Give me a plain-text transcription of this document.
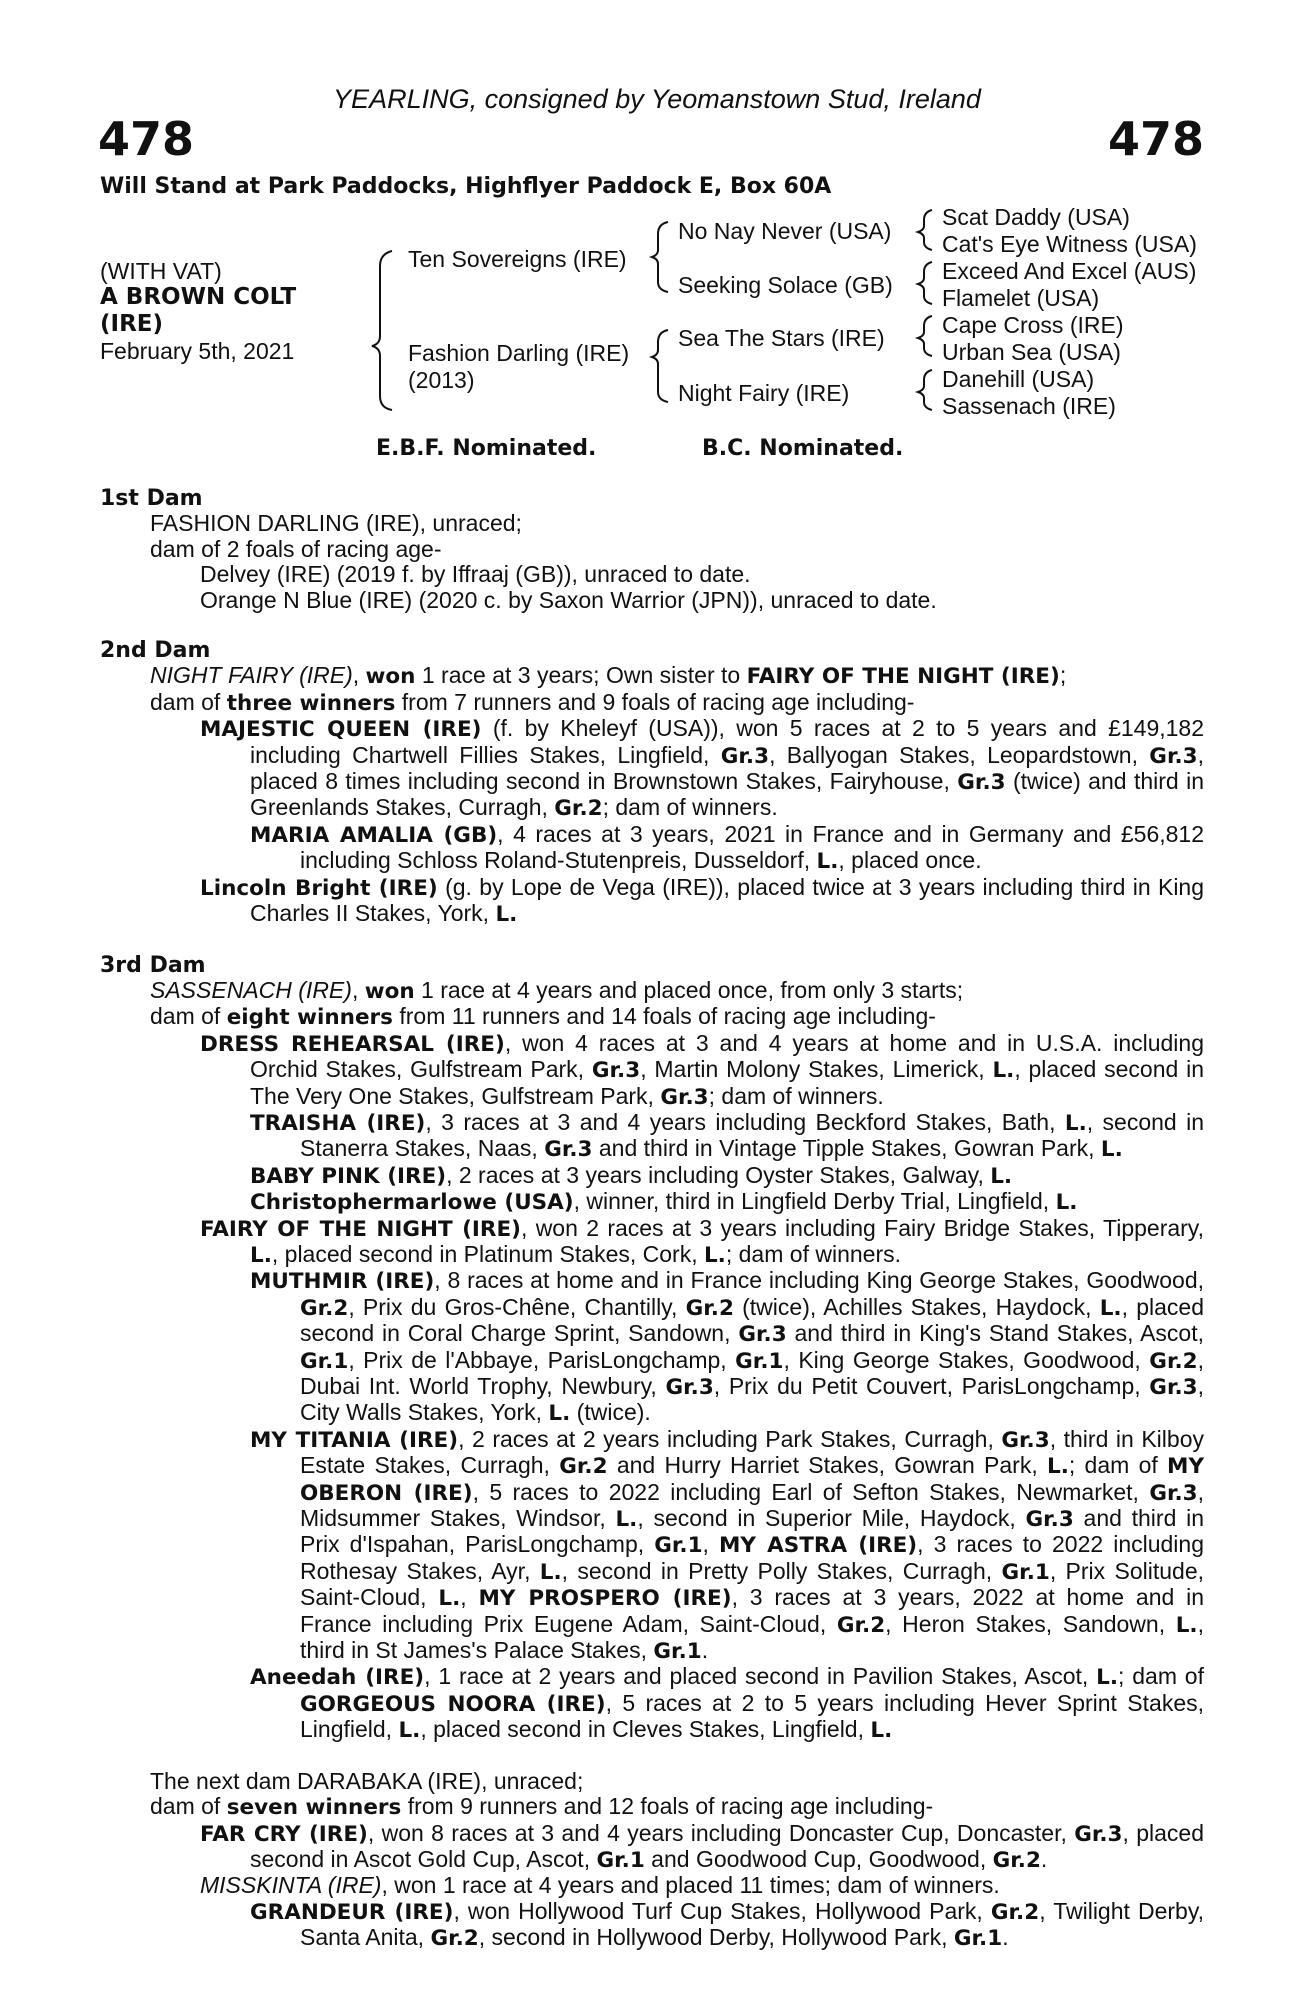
478	478
YEARLING, consigned by Yeomanstown Stud, Ireland
Will Stand at Park Paddocks, Highflyer Paddock E, Box 60A
(WITH VAT)
A BROWN COLT
(IRE)
February 5th, 2021
Ten Sovereigns (IRE)
Fashion Darling (IRE)
(2013)
No Nay Never (USA)
Seeking Solace (GB)
Sea The Stars (IRE)
Night Fairy (IRE)
Scat Daddy (USA)
Cat's Eye Witness (USA)
Exceed And Excel (AUS)
Flamelet (USA)
Cape Cross (IRE)
Urban Sea (USA)
Danehill (USA)
Sassenach (IRE)
E.B.F. Nominated.	B.C. Nominated.
1st Dam

FASHION DARLING (IRE), unraced;
dam of 2 foals of racing age-

Delvey (IRE) (2019 f. by Iffraaj (GB)), unraced to date.
Orange N Blue (IRE) (2020 c. by Saxon Warrior (JPN)), unraced to date.

2nd Dam

NIGHT FAIRY (IRE), won 1 race at 3 years; Own sister to FAIRY OF THE NIGHT (IRE);
dam of three winners from 7 runners and 9 foals of racing age including-

MAJESTIC QUEEN (IRE) (f. by Kheleyf (USA)), won 5 races at 2 to 5 years and £149,182 including Chartwell Fillies Stakes, Lingfield, Gr.3, Ballyogan Stakes, Leopardstown, Gr.3, placed 8 times including second in Brownstown Stakes, Fairyhouse, Gr.3 (twice) and third in Greenlands Stakes, Curragh, Gr.2; dam of winners.

MARIA AMALIA (GB), 4 races at 3 years, 2021 in France and in Germany and £56,812 including Schloss Roland-Stutenpreis, Dusseldorf, L., placed once.

Lincoln Bright (IRE) (g. by Lope de Vega (IRE)), placed twice at 3 years including third in King Charles II Stakes, York, L.

3rd Dam

SASSENACH (IRE), won 1 race at 4 years and placed once, from only 3 starts;
dam of eight winners from 11 runners and 14 foals of racing age including-

DRESS REHEARSAL (IRE), won 4 races at 3 and 4 years at home and in U.S.A. including Orchid Stakes, Gulfstream Park, Gr.3, Martin Molony Stakes, Limerick, L., placed second in The Very One Stakes, Gulfstream Park, Gr.3; dam of winners.

TRAISHA (IRE), 3 races at 3 and 4 years including Beckford Stakes, Bath, L., second in Stanerra Stakes, Naas, Gr.3 and third in Vintage Tipple Stakes, Gowran Park, L.

BABY PINK (IRE), 2 races at 3 years including Oyster Stakes, Galway, L.

Christophermarlowe (USA), winner, third in Lingfield Derby Trial, Lingfield, L.

FAIRY OF THE NIGHT (IRE), won 2 races at 3 years including Fairy Bridge Stakes, Tipperary, L., placed second in Platinum Stakes, Cork, L.; dam of winners.

MUTHMIR (IRE), 8 races at home and in France including King George Stakes, Goodwood, Gr.2, Prix du Gros-Chêne, Chantilly, Gr.2 (twice), Achilles Stakes, Haydock, L., placed second in Coral Charge Sprint, Sandown, Gr.3 and third in King's Stand Stakes, Ascot, Gr.1, Prix de l'Abbaye, ParisLongchamp, Gr.1, King George Stakes, Goodwood, Gr.2, Dubai Int. World Trophy, Newbury, Gr.3, Prix du Petit Couvert, ParisLongchamp, Gr.3, City Walls Stakes, York, L. (twice).

MY TITANIA (IRE), 2 races at 2 years including Park Stakes, Curragh, Gr.3, third in Kilboy Estate Stakes, Curragh, Gr.2 and Hurry Harriet Stakes, Gowran Park, L.; dam of MY OBERON (IRE), 5 races to 2022 including Earl of Sefton Stakes, Newmarket, Gr.3, Midsummer Stakes, Windsor, L., second in Superior Mile, Haydock, Gr.3 and third in Prix d'Ispahan, ParisLongchamp, Gr.1, MY ASTRA (IRE), 3 races to 2022 including Rothesay Stakes, Ayr, L., second in Pretty Polly Stakes, Curragh, Gr.1, Prix Solitude, Saint-Cloud, L., MY PROSPERO (IRE), 3 races at 3 years, 2022 at home and in France including Prix Eugene Adam, Saint-Cloud, Gr.2, Heron Stakes, Sandown, L., third in St James's Palace Stakes, Gr.1.

Aneedah (IRE), 1 race at 2 years and placed second in Pavilion Stakes, Ascot, L.; dam of GORGEOUS NOORA (IRE), 5 races at 2 to 5 years including Hever Sprint Stakes, Lingfield, L., placed second in Cleves Stakes, Lingfield, L.

The next dam DARABAKA (IRE), unraced;
dam of seven winners from 9 runners and 12 foals of racing age including-

FAR CRY (IRE), won 8 races at 3 and 4 years including Doncaster Cup, Doncaster, Gr.3, placed second in Ascot Gold Cup, Ascot, Gr.1 and Goodwood Cup, Goodwood, Gr.2.

MISSKINTA (IRE), won 1 race at 4 years and placed 11 times; dam of winners.

GRANDEUR (IRE), won Hollywood Turf Cup Stakes, Hollywood Park, Gr.2, Twilight Derby, Santa Anita, Gr.2, second in Hollywood Derby, Hollywood Park, Gr.1.
